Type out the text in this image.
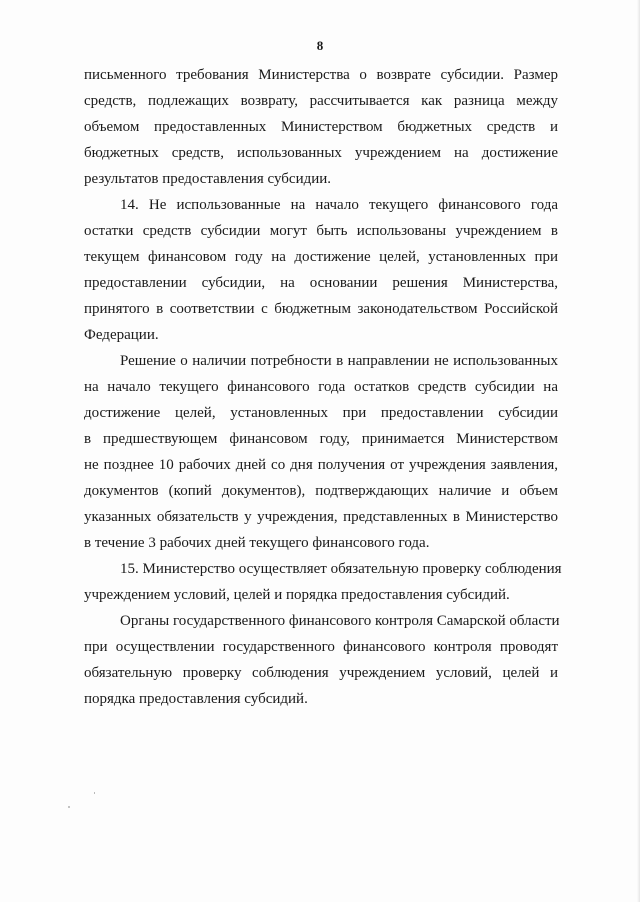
8
письменного требования Министерства о возврате субсидии. Размер
средств, подлежащих возврату, рассчитывается как разница между
объемом предоставленных Министерством бюджетных средств и
бюджетных средств, использованных учреждением на достижение
результатов предоставления субсидии.
14. Не использованные на начало текущего финансового года
остатки средств субсидии могут быть использованы учреждением в
текущем финансовом году на достижение целей, установленных при
предоставлении субсидии, на основании решения Министерства,
принятого в соответствии с бюджетным законодательством Российской
Федерации.
Решение о наличии потребности в направлении не использованных
на начало текущего финансового года остатков средств субсидии на
достижение целей, установленных при предоставлении субсидии
в предшествующем финансовом году, принимается Министерством
не позднее 10 рабочих дней со дня получения от учреждения заявления,
документов (копий документов), подтверждающих наличие и объем
указанных обязательств у учреждения, представленных в Министерство
в течение 3 рабочих дней текущего финансового года.
15. Министерство осуществляет обязательную проверку соблюдения
учреждением условий, целей и порядка предоставления субсидий.
Органы государственного финансового контроля Самарской области
при осуществлении государственного финансового контроля проводят
обязательную проверку соблюдения учреждением условий, целей и
порядка предоставления субсидий.
